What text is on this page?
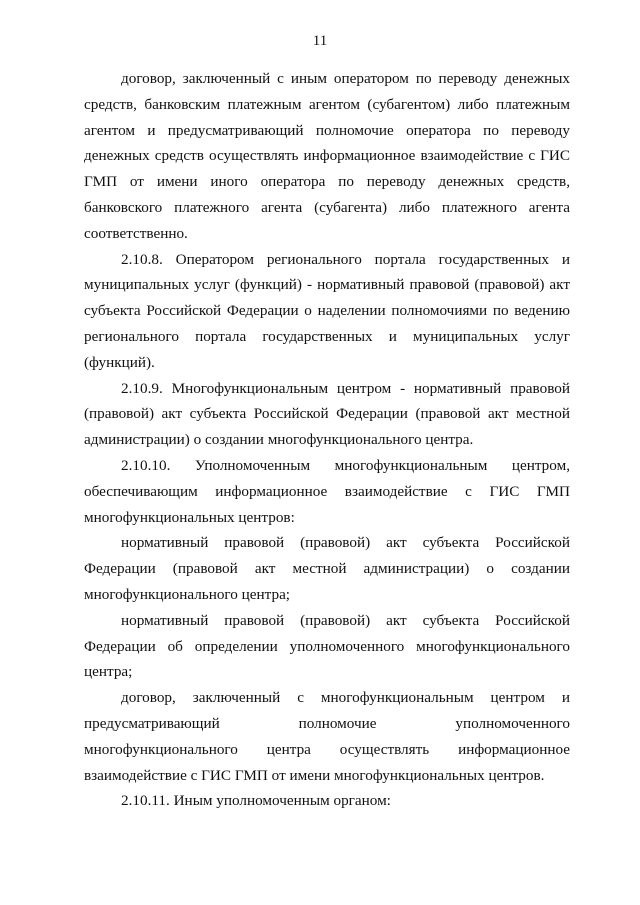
11

договор, заключенный с иным оператором по переводу денежных средств, банковским платежным агентом (субагентом) либо платежным агентом и предусматривающий полномочие оператора по переводу денежных средств осуществлять информационное взаимодействие с ГИС ГМП от имени иного оператора по переводу денежных средств, банковского платежного агента (субагента) либо платежного агента соответственно.

2.10.8. Оператором регионального портала государственных и муниципальных услуг (функций) - нормативный правовой (правовой) акт субъекта Российской Федерации о наделении полномочиями по ведению регионального портала государственных и муниципальных услуг (функций).

2.10.9. Многофункциональным центром - нормативный правовой (правовой) акт субъекта Российской Федерации (правовой акт местной администрации) о создании многофункционального центра.

2.10.10. Уполномоченным многофункциональным центром, обеспечивающим информационное взаимодействие с ГИС ГМП многофункциональных центров:

нормативный правовой (правовой) акт субъекта Российской Федерации (правовой акт местной администрации) о создании многофункционального центра;

нормативный правовой (правовой) акт субъекта Российской Федерации об определении уполномоченного многофункционального центра;

договор, заключенный с многофункциональным центром и предусматривающий полномочие уполномоченного многофункционального центра осуществлять информационное взаимодействие с ГИС ГМП от имени многофункциональных центров.

2.10.11. Иным уполномоченным органом:
